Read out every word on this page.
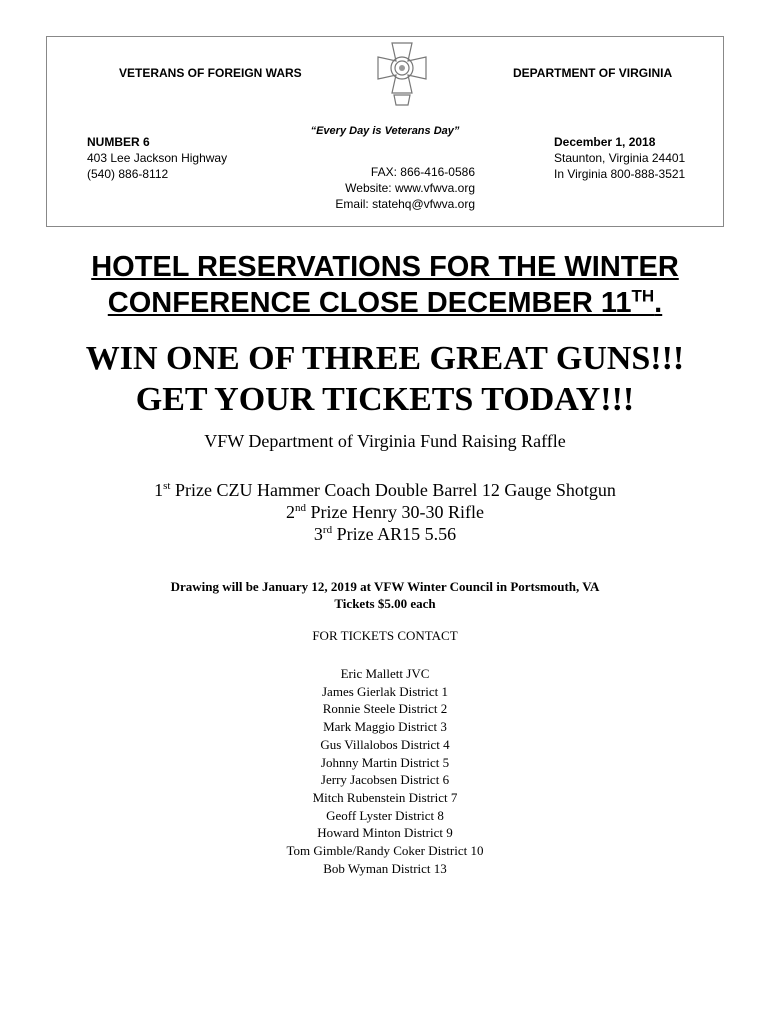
VETERANS OF FOREIGN WARS	DEPARTMENT OF VIRGINIA
“Every Day is Veterans Day”
NUMBER 6
403 Lee Jackson Highway
(540) 886-8112	FAX: 866-416-0586
Website: www.vfwva.org
Email: statehq@vfwva.org
December 1, 2018
Staunton, Virginia 24401
In Virginia 800-888-3521
HOTEL RESERVATIONS FOR THE WINTER
CONFERENCE CLOSE DECEMBER 11TH.
WIN ONE OF THREE GREAT GUNS!!!
GET YOUR TICKETS TODAY!!!
VFW Department of Virginia Fund Raising Raffle
1st Prize CZU Hammer Coach Double Barrel 12 Gauge Shotgun
2nd Prize Henry 30-30 Rifle
3rd Prize AR15 5.56
Drawing will be January 12, 2019 at VFW Winter Council in Portsmouth, VA
Tickets $5.00 each
FOR TICKETS CONTACT
Eric Mallett JVC
James Gierlak District 1
Ronnie Steele District 2
Mark Maggio District 3
Gus Villalobos District 4
Johnny Martin District 5
Jerry Jacobsen District 6
Mitch Rubenstein District 7
Geoff Lyster District 8
Howard Minton District 9
Tom Gimble/Randy Coker District 10
Bob Wyman District 13
